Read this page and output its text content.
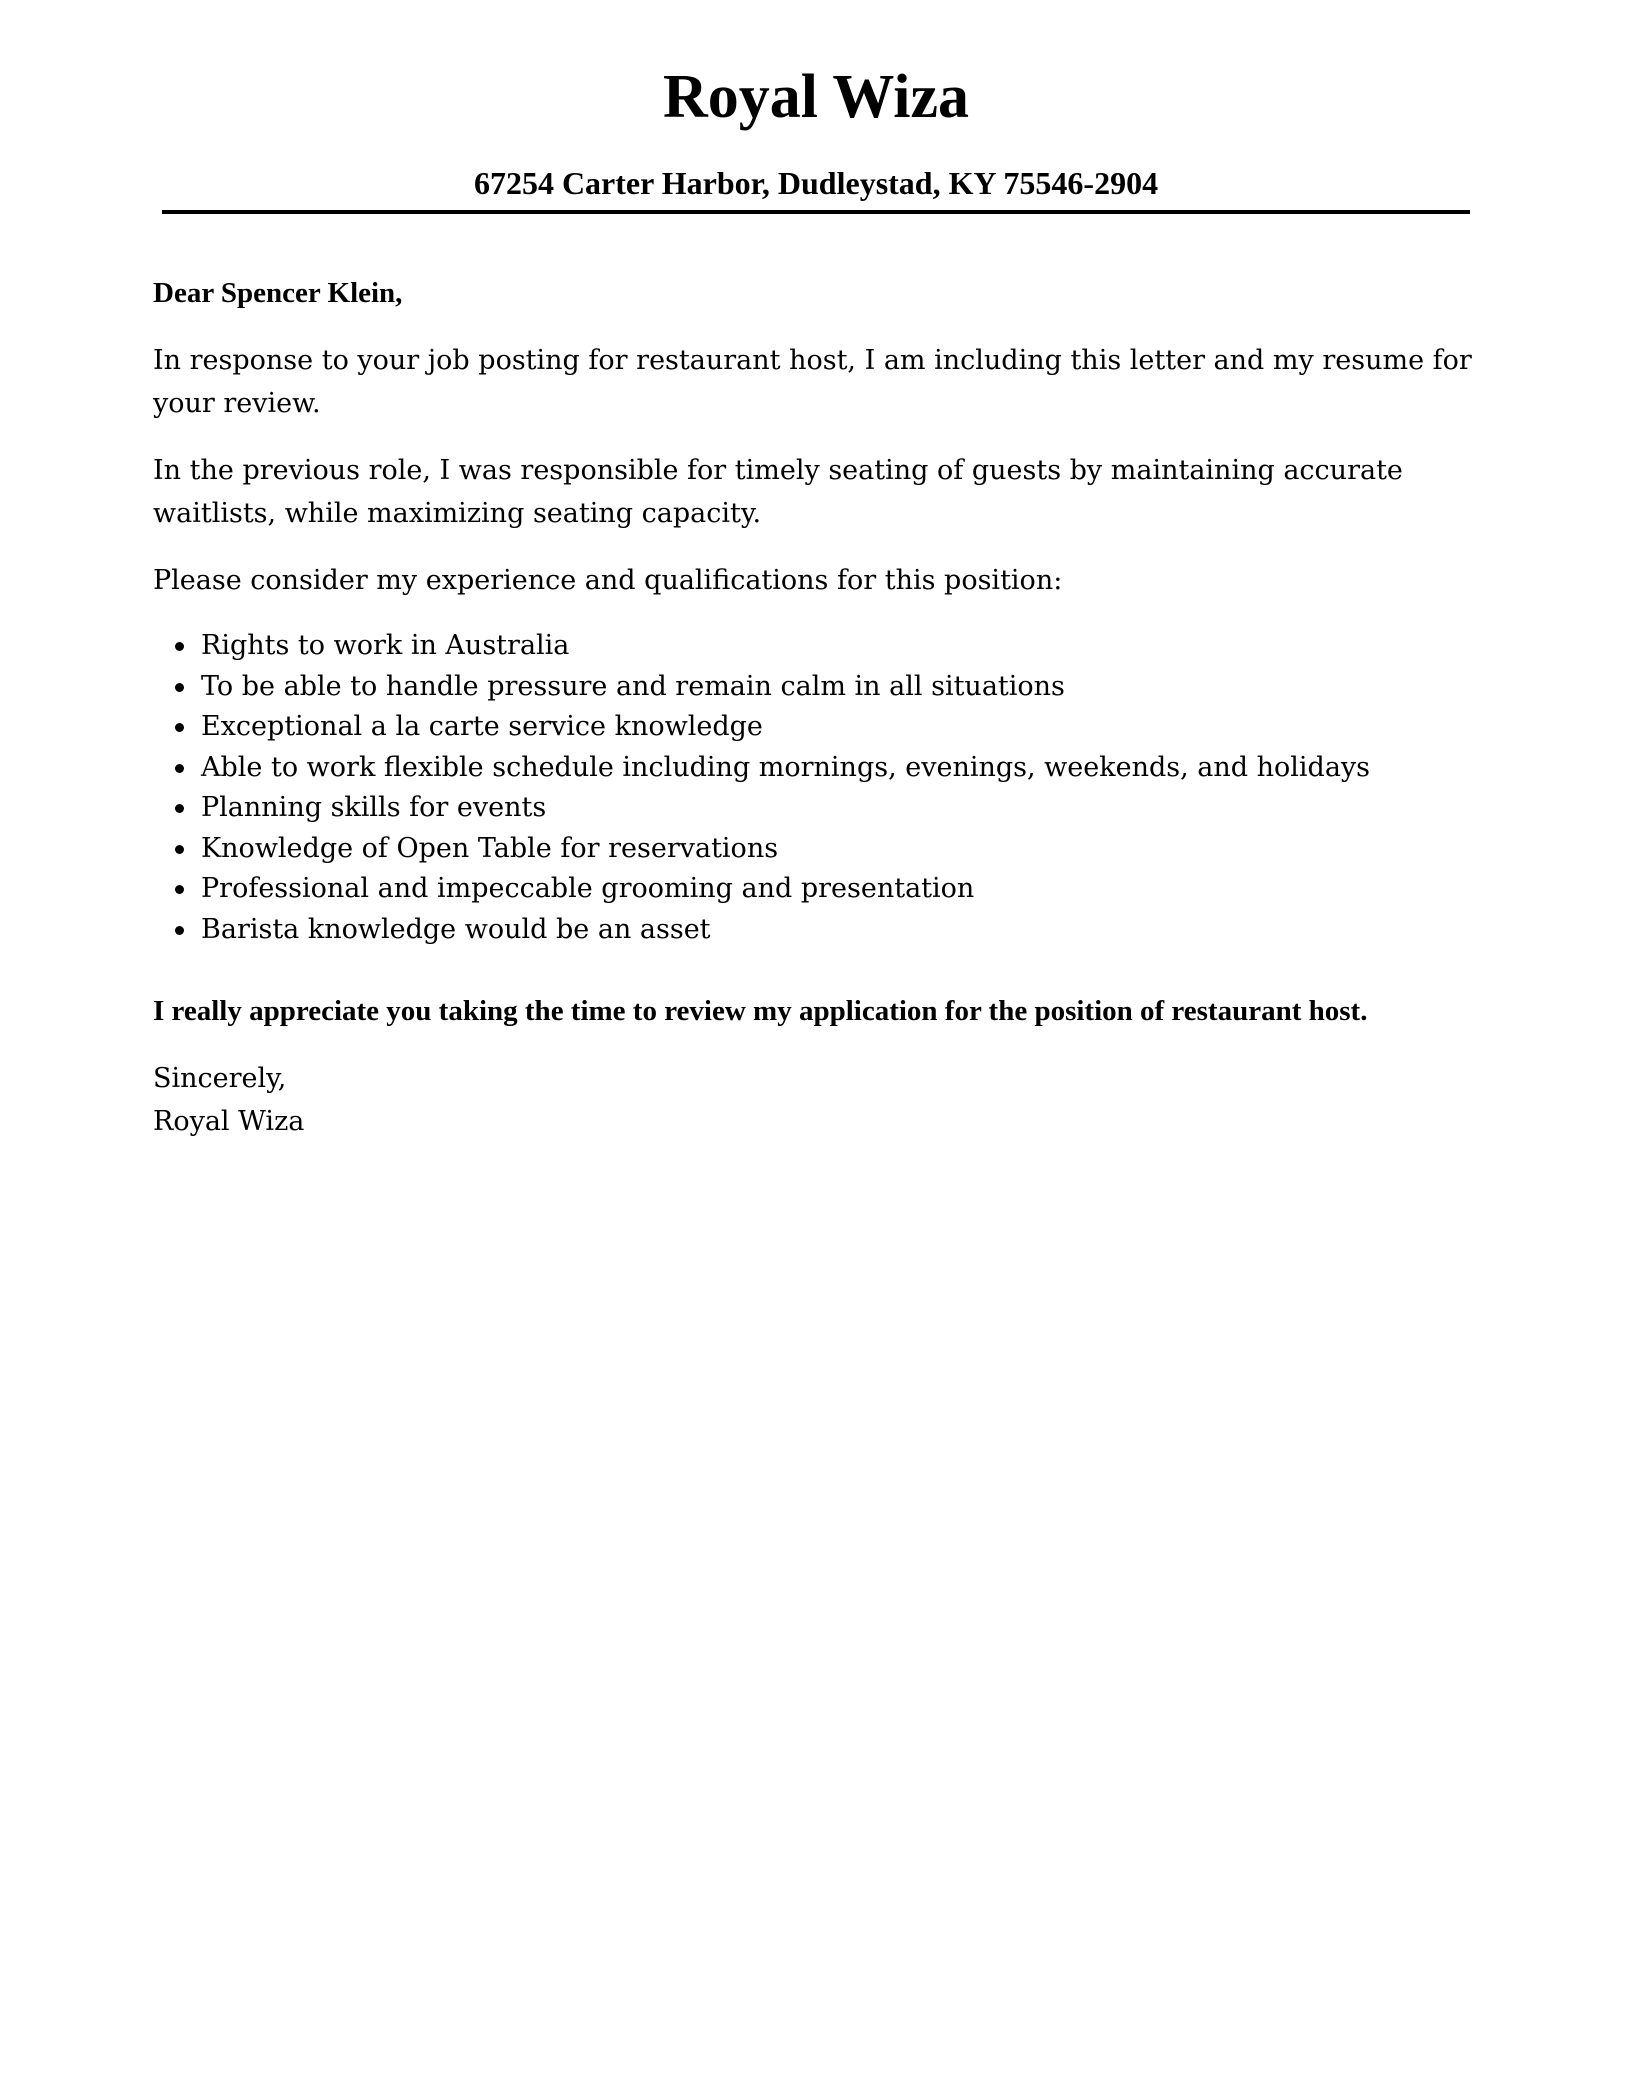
Royal Wiza
67254 Carter Harbor, Dudleystad, KY 75546-2904

Dear Spencer Klein,

In response to your job posting for restaurant host, I am including this letter and my resume for your review.

In the previous role, I was responsible for timely seating of guests by maintaining accurate waitlists, while maximizing seating capacity.

Please consider my experience and qualifications for this position:

Rights to work in Australia
To be able to handle pressure and remain calm in all situations
Exceptional a la carte service knowledge
Able to work flexible schedule including mornings, evenings, weekends, and holidays
Planning skills for events
Knowledge of Open Table for reservations
Professional and impeccable grooming and presentation
Barista knowledge would be an asset

I really appreciate you taking the time to review my application for the position of restaurant host.

Sincerely,

Royal Wiza
